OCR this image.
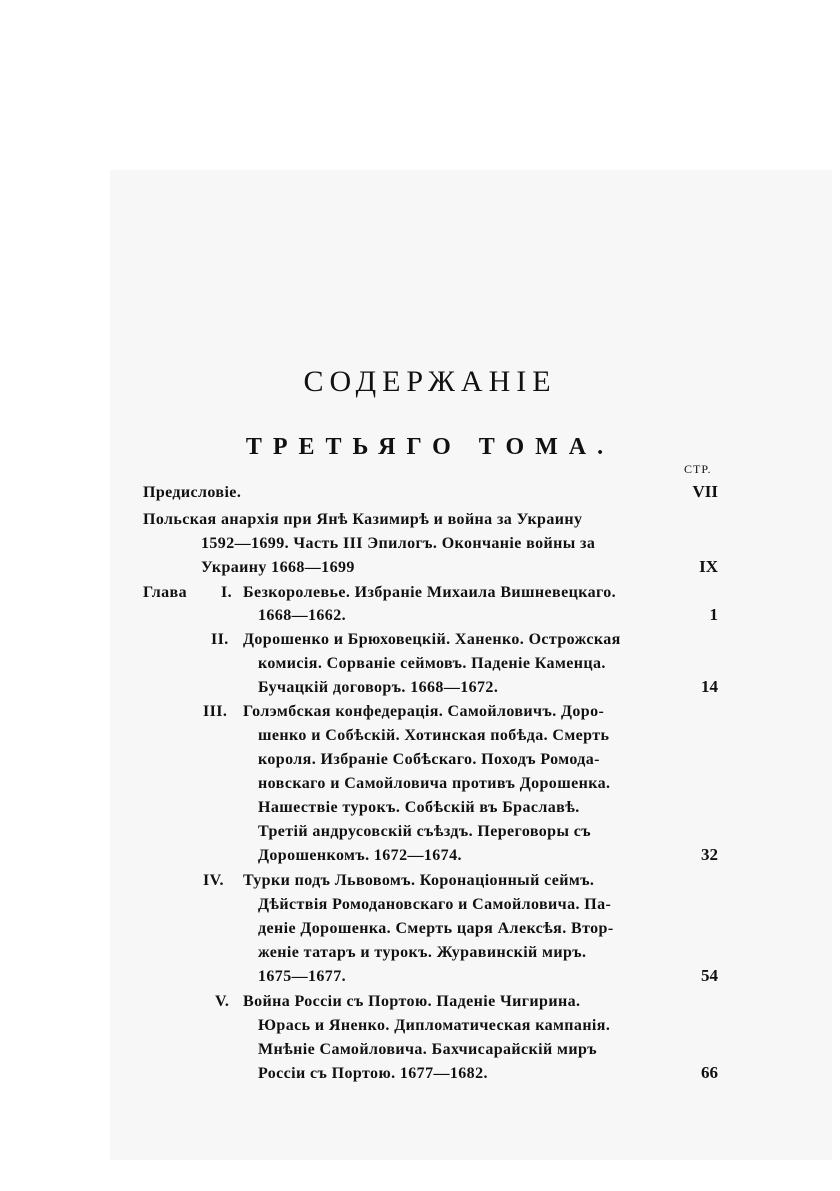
СОДЕРЖАНІЕ
ТРЕТЬЯГО ТОМА.
СТР.
Предисловіе.	VII
Польская анархія при Янѣ Казимирѣ и война за Украину
1592—1699. Часть III Эпилогъ. Окончаніе войны за
Украину 1668—1699	IX
Глава I. Безкоролевье. Избраніе Михаила Вишневецкаго.
1668—1662.	1
II. Дорошенко и Брюховецкій. Ханенко. Острожская
комисія. Сорваніе сеймовъ. Паденіе Каменца.
Бучацкій договоръ. 1668—1672.	14
III. Голэмбская конфедерація. Самойловичъ. Доро-
шенко и Собѣскій. Хотинская побѣда. Смерть
короля. Избраніе Собѣскаго. Походъ Ромода-
новскаго и Самойловича противъ Дорошенка.
Нашествіе турокъ. Собѣскій въ Браславѣ.
Третій андрусовскій съѣздъ. Переговоры съ
Дорошенкомъ. 1672—1674.	32
IV. Турки подъ Львовомъ. Коронаціонный сеймъ.
Дѣйствія Ромодановскаго и Самойловича. Па-
деніе Дорошенка. Смерть царя Алексѣя. Втор-
женіе татаръ и турокъ. Журавинскій миръ.
1675—1677.	54
V. Война Россіи съ Портою. Паденіе Чигирина.
Юрась и Яненко. Дипломатическая кампанія.
Мнѣніе Самойловича. Бахчисарайскій миръ
Россіи съ Портою. 1677—1682.	66
